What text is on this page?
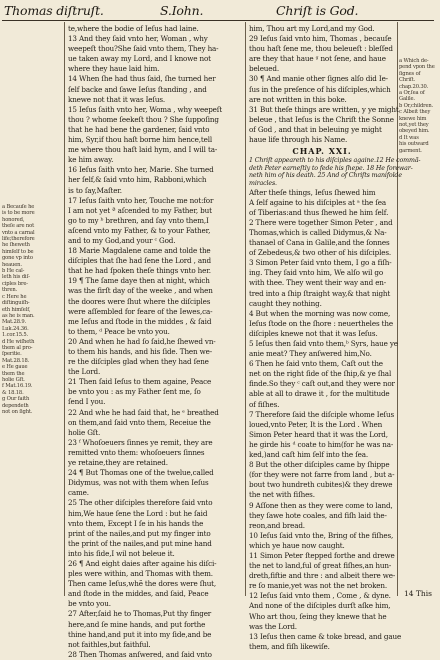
Thomas diſtruſt.	S.Iohn.	Chriſt is God.
a Becauſe he
is to be more
honored,
theſe are not
vnto a carnal
life;therefore
he ſheweth
himſelf to be
gone vp into
heauen.
b He cal-
leth his diſ-
ciples bre-
thren.
c Here he
diſtinguiſh-
eth himſelf,
as he is man.
Mat.28.9.
Luk.24.36.
1.cor.15.5.
d He wiſheth
them al pro-
ſperitie.
Mat.28.18.
e He gaue
them the
holie Gſt.
f Mat.16.19.
& 18.18.
g Our faith
dependeth
not on ſight.
te,where the bodie of Ieſus had laine.
13 And they ſaid vnto her, Woman , why
weepeſt thou?She ſaid vnto them, They ha-
ue taken away my Lord, and I knowe not
where they haue laid him.
14 When ſhe had thus ſaid, ſhe turned her
ſelf backe and ſawe Ieſus ſtanding , and
knewe not that it was Ieſus.
15 Ieſus ſaith vnto her, Woma , why weepeſt
thou ? whome ſeekeſt thou ? She ſuppoſing
that he had bene the gardener, ſaid vnto
him, Syr,if thou haſt borne him hence,tell
me where thou haſt laid hym, and I will ta-
ke him away.
16 Ieſus ſaith vnto her, Marie. She turned
her ſelf,& ſaid vnto him, Rabboni,which
is to ſay,Maſter.
17 Ieſus ſaith vnto her, Touche me not:for
I am not yet ª aſcended to my Father, but
go to my ᵇ brethren, and ſay vnto them,I
aſcend vnto my Father, & to your Father,
and to my God,and your ᶜ God.
18 Marie Magdalene came and tolde the
diſciples that ſhe had ſene the Lord , and
that he had ſpoken theſe things vnto her.
19 ¶ The ſame daye then at night, which
was the firſt day of the weeke , and when
the doores were ſhut where the diſciples
were aſſembled for feare of the Iewes,ca-
me Ieſus and ſtode in the middes , & ſaid
to them, ᵈ Peace be vnto you.
20 And when he had ſo ſaid,he ſhewed vn-
to them his hands, and his ſide. Then we-
re the diſciples glad when they had ſene
the Lord.
21 Then ſaid Ieſus to them againe, Peace
be vnto you : as my Father ſent me, ſo
ſend I you.
22 And whe he had ſaid that, he ᵉ breathed
on them,and ſaid vnto them, Receiue the
holie Gſt.
23 ᶠ Whoſoeuers ſinnes ye remit, they are
remitted vnto them: whoſoeuers ſinnes
ye retaine,they are retained.
24 ¶ But Thomas one of the twelue,called
Didymus, was not with them when Ieſus
came.
25 The other diſciples therefore ſaid vnto
him,We haue ſene the Lord : but he ſaid
vnto them, Except I ſe in his hands the
print of the nailes,and put my finger into
the print of the nailes,and put mine hand
into his ſide,I wil not beleue it.
26 ¶ And eight daies after againe his diſci-
ples were within, and Thomas with them.
Then came Ieſus,whẽ the dores were ſhut,
and ſtode in the middes, and ſaid, Peace
be vnto you.
27 After,ſaid he to Thomas,Put thy finger
here,and ſe mine hands, and put forthe
thine hand,and put it into my ſide,and be
not faithles,but faithful.
28 Then Thomas anſwered, and ſaid vnto
him, Thou art my Lord,and my God.
29 Ieſus ſaid vnto him, Thomas , becauſe
thou haſt ſene me, thou beleueſt : bleſſed
are they that haue ᵍ not ſene, and haue
beleued.
30 ¶ And manie other ſignes alſo did Ie-
ſus in the preſence of his diſciples,which
are not written in this boke.
31 But theſe things are written, y ye might
beleue , that Ieſus is the Chriſt the Sonne
of God , and that in beleuing ye might
haue life through his Name.
CHAP. XXI.
1 Chriſt appeareth to his diſciples againe.12 He commã-
deth Peter earneſtly to fede his ſhepe. 18 He forewar-
neth him of his death. 25 And of Chriſts manifolde
miracles.
After theſe things, Ieſus ſhewed him
A ſelf againe to his diſciples at ᵃ the ſea
of Tiberias:and thus ſhewed he him ſelf.
2 There were together Simon Peter , and
Thomas,which is called Didymus,& Na-
thanael of Cana in Galile,and the ſonnes
of Zebedeus,& two other of his diſciples.
3 Simon Peter ſaid vnto them, I go a fiſh-
ing. They ſaid vnto him, We alſo wil go
with thee. They went their way and en-
tred into a ſhip ſtraight way,& that night
caught they nothing.
4 But when the morning was now come,
Ieſus ſtode on the ſhore : neuertheles the
diſciples knewe not that it was Ieſus.
5 Ieſus then ſaid vnto them,ᵇ Syrs, haue ye
anie meat? They anſwered him,No.
6 Then he ſaid vnto them, Caſt out the
net on the right ſide of the ſhip,& ye ſhal
finde.So they ᶜ caſt out,and they were nor
able at all to drawe it , for the multitude
of fiſhes.
7 Therefore ſaid the diſciple whome Ieſus
loued,vnto Peter, It is the Lord . When
Simon Peter heard that it was the Lord,
he girde his ᵈ coate to him(for he was na-
ked,)and caſt him ſelf into the ſea.
8 But the other diſciples came by ſhippe
(for they were not farre from land , but a-
bout two hundreth cubites)& they drewe
the net with fiſhes.
9 Aſſone then as they were come to land,
they ſawe hote coales, and fiſh laid the-
reon,and bread.
10 Ieſus ſaid vnto the, Bring of the fiſhes,
which ye haue now caught.
11 Simon Peter ſtepped forthe and drewe
the net to land,ful of great fiſhes,an hun-
dreth,fiftie and thre : and albeit there we-
re ſo manie,yet was not the net broken.
12 Ieſus ſaid vnto them , Come , & dyne.
And none of the diſciples durſt aſke him,
Who art thou, ſeing they knewe that he
was the Lord.
13 Ieſus then came & toke bread, and gaue
them, and fiſh likewiſe.
a Which de-
pend vpon the
ſignes of
Chriſt.
chap.20.30.
a Or,ſea of
Galile.
b Or,children.
c Albeit they
knewe him
not,yet they
obeyed him.
d It was
his outward
garment.
14 This
